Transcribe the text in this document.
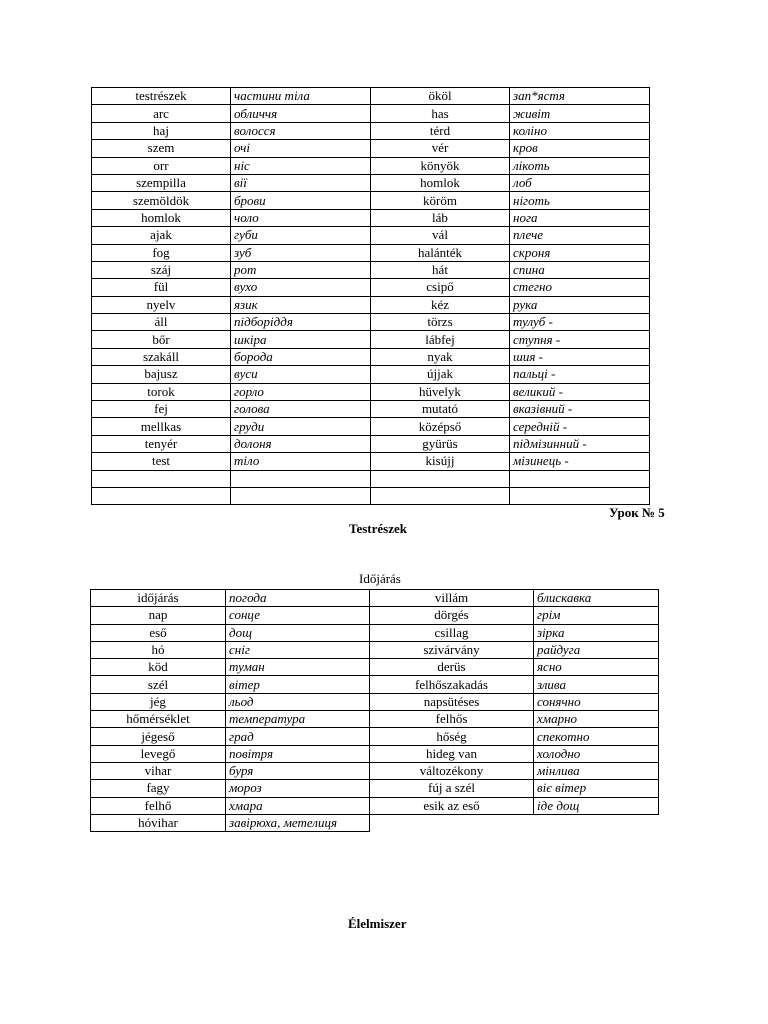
testrészek	частини тіла	ököl	зап*ястя
arc	обличчя	has	живіт
haj	волосся	térd	коліно
szem	очі	vér	кров
orr	ніс	könyök	лікоть
szempilla	вії	homlok	лоб
szemöldök	брови	köröm	ніготь
homlok	чоло	láb	нога
ajak	губи	vál	плече
fog	зуб	halánték	скроня
száj	рот	hát	спина
fül	вухо	csipő	стегно
nyelv	язик	kéz	рука
áll	підборіддя	törzs	тулуб -
bőr	шкіра	lábfej	ступня -
szakáll	борода	nyak	шия -
bajusz	вуси	újjak	пальці -
torok	горло	hüvelyk	великий -
fej	голова	mutató	вказівний -
mellkas	груди	középső	середній -
tenyér	долоня	gyürüs	підмізинний -
test	тіло	kisújj	мізинець -

Урок № 5
Testrészek
Időjárás
időjárás	погода	villám	блискавка
nap	сонце	dörgés	грім
eső	дощ	csillag	зірка
hó	сніг	szivárvány	райдуга
köd	туман	derüs	ясно
szél	вітер	felhőszakadás	злива
jég	льод	napsütéses	сонячно
hőmérséklet	температура	felhős	хмарно
jégeső	град	hőség	спекотно
levegő	повітря	hideg van	холодно
vihar	буря	változékony	мінлива
fagy	мороз	fúj a szél	віє вітер
felhő	хмара	esik az eső	іде дощ
hóvihar	завірюха, метелиця		
Élelmiszer
